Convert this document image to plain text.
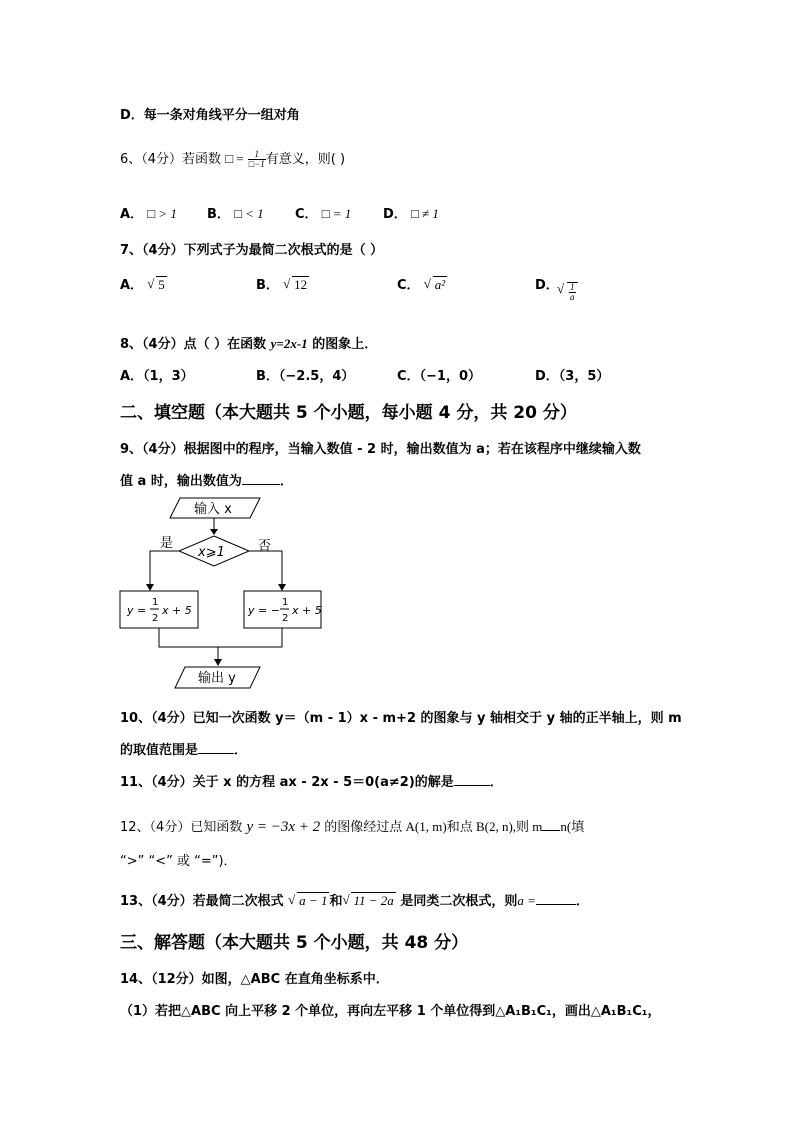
D．每一条对角线平分一组对角
6、（4分）若函数 □ = $\frac{1}{□-1}$ 有意义，则( )
A． □ > 1 B． □ < 1 C． □ = 1 D． □ ≠ 1
7、（4分）下列式子为最简二次根式的是（ ）
A． √ 5	B． √ 12	C． √ a²	D． √ $\frac{1}{a}$
8、（4分）点（ ）在函数 y=2x-1 的图象上．
A．（1，3）	B．（−2.5，4）	C．（−1，0）	D．（3，5）
二、填空题（本大题共 5 个小题，每小题 4 分，共 20 分）
9、（4分）根据图中的程序，当输入数值 - 2 时，输出数值为 a；若在该程序中继续输入数
值 a 时，输出数值为	．
输入 x
x⩾1
是	否
y =
1
2
x + 5	y = −
1
2
x + 5
输出 y
10、（4分）已知一次函数 y＝（m - 1）x - m+2 的图象与 y 轴相交于 y 轴的正半轴上，则 m
的取值范围是	．
11、（4分）关于 x 的方程 ax - 2x - 5＝0(a≠2)的解是	．
12、（4分）已知函数 y = −3x + 2 的图像经过点 A(1, m)和点 B(2, n),则 m n(填
“>” “<” 或 “=”)．
13、（4分）若最简二次根式 √ a − 1 和 √ 11 − 2a 是同类二次根式，则a =	．
三、解答题（本大题共 5 个小题，共 48 分）
14、（12分）如图，△ABC 在直角坐标系中．
（1）若把△ABC 向上平移 2 个单位，再向左平移 1 个单位得到△A₁B₁C₁，画出△A₁B₁C₁，
